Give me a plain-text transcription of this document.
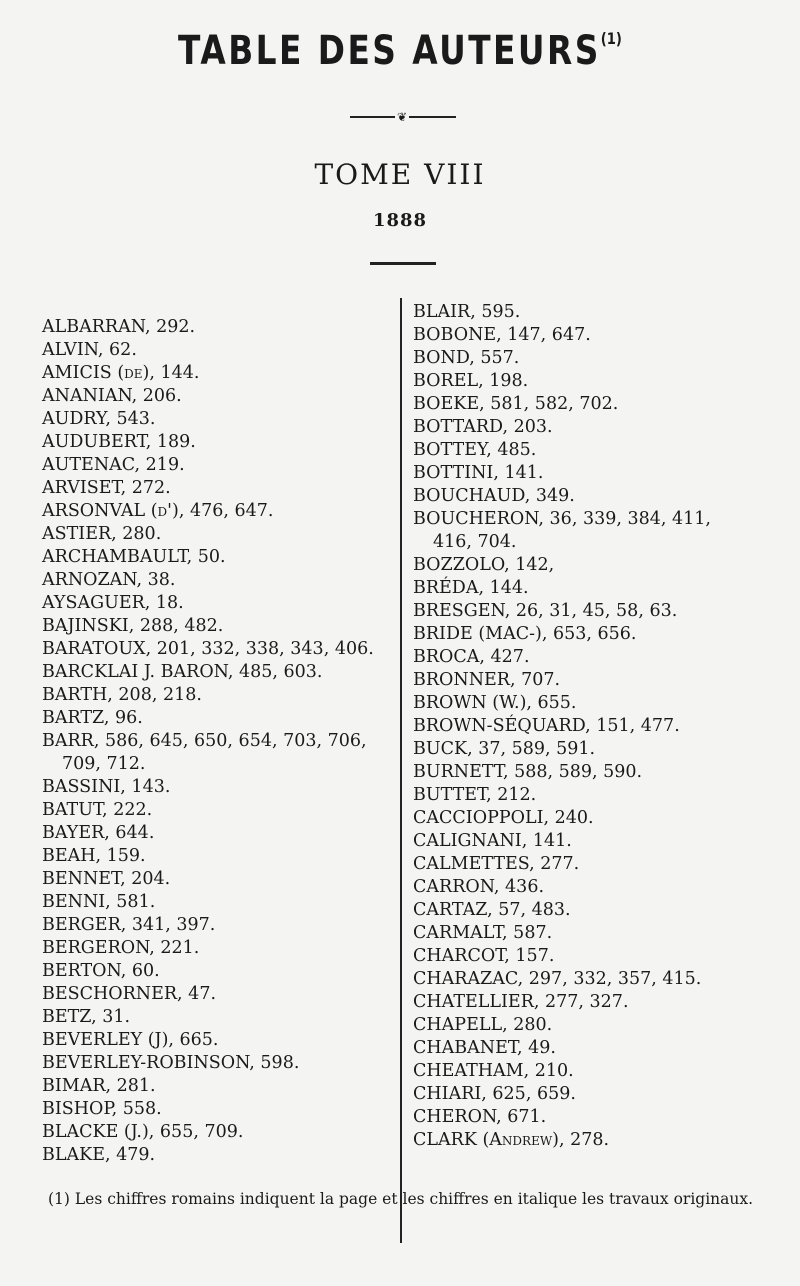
TABLE DES AUTEURS$^{(1)}$
❦
TOME VIII
1888
ALBARRAN, 292.
ALVIN, 62.
AMICIS (de), 144.
ANANIAN, 206.
AUDRY, 543.
AUDUBERT, 189.
AUTENAC, 219.
ARVISET, 272.
ARSONVAL (d'), 476, 647.
ASTIER, 280.
ARCHAMBAULT, 50.
ARNOZAN, 38.
AYSAGUER, 18.
BAJINSKI, 288, 482.
BARATOUX, 201, 332, 338, 343, 406.
BARCKLAI J. BARON, 485, 603.
BARTH, 208, 218.
BARTZ, 96.
BARR, 586, 645, 650, 654, 703, 706,
709, 712.
BASSINI, 143.
BATUT, 222.
BAYER, 644.
BEAH, 159.
BENNET, 204.
BENNI, 581.
BERGER, 341, 397.
BERGERON, 221.
BERTON, 60.
BESCHORNER, 47.
BETZ, 31.
BEVERLEY (J), 665.
BEVERLEY-ROBINSON, 598.
BIMAR, 281.
BISHOP, 558.
BLACKE (J.), 655, 709.
BLAKE, 479.
BLAIR, 595.
BOBONE, 147, 647.
BOND, 557.
BOREL, 198.
BOEKE, 581, 582, 702.
BOTTARD, 203.
BOTTEY, 485.
BOTTINI, 141.
BOUCHAUD, 349.
BOUCHERON, 36, 339, 384, 411,
416, 704.
BOZZOLO, 142,
BRÉDA, 144.
BRESGEN, 26, 31, 45, 58, 63.
BRIDE (MAC-), 653, 656.
BROCA, 427.
BRONNER, 707.
BROWN (W.), 655.
BROWN-SÉQUARD, 151, 477.
BUCK, 37, 589, 591.
BURNETT, 588, 589, 590.
BUTTET, 212.
CACCIOPPOLI, 240.
CALIGNANI, 141.
CALMETTES, 277.
CARRON, 436.
CARTAZ, 57, 483.
CARMALT, 587.
CHARCOT, 157.
CHARAZAC, 297, 332, 357, 415.
CHATELLIER, 277, 327.
CHAPELL, 280.
CHABANET, 49.
CHEATHAM, 210.
CHIARI, 625, 659.
CHERON, 671.
CLARK (Andrew), 278.
(1) Les chiffres romains indiquent la page et les chiffres en italique les travaux originaux.
